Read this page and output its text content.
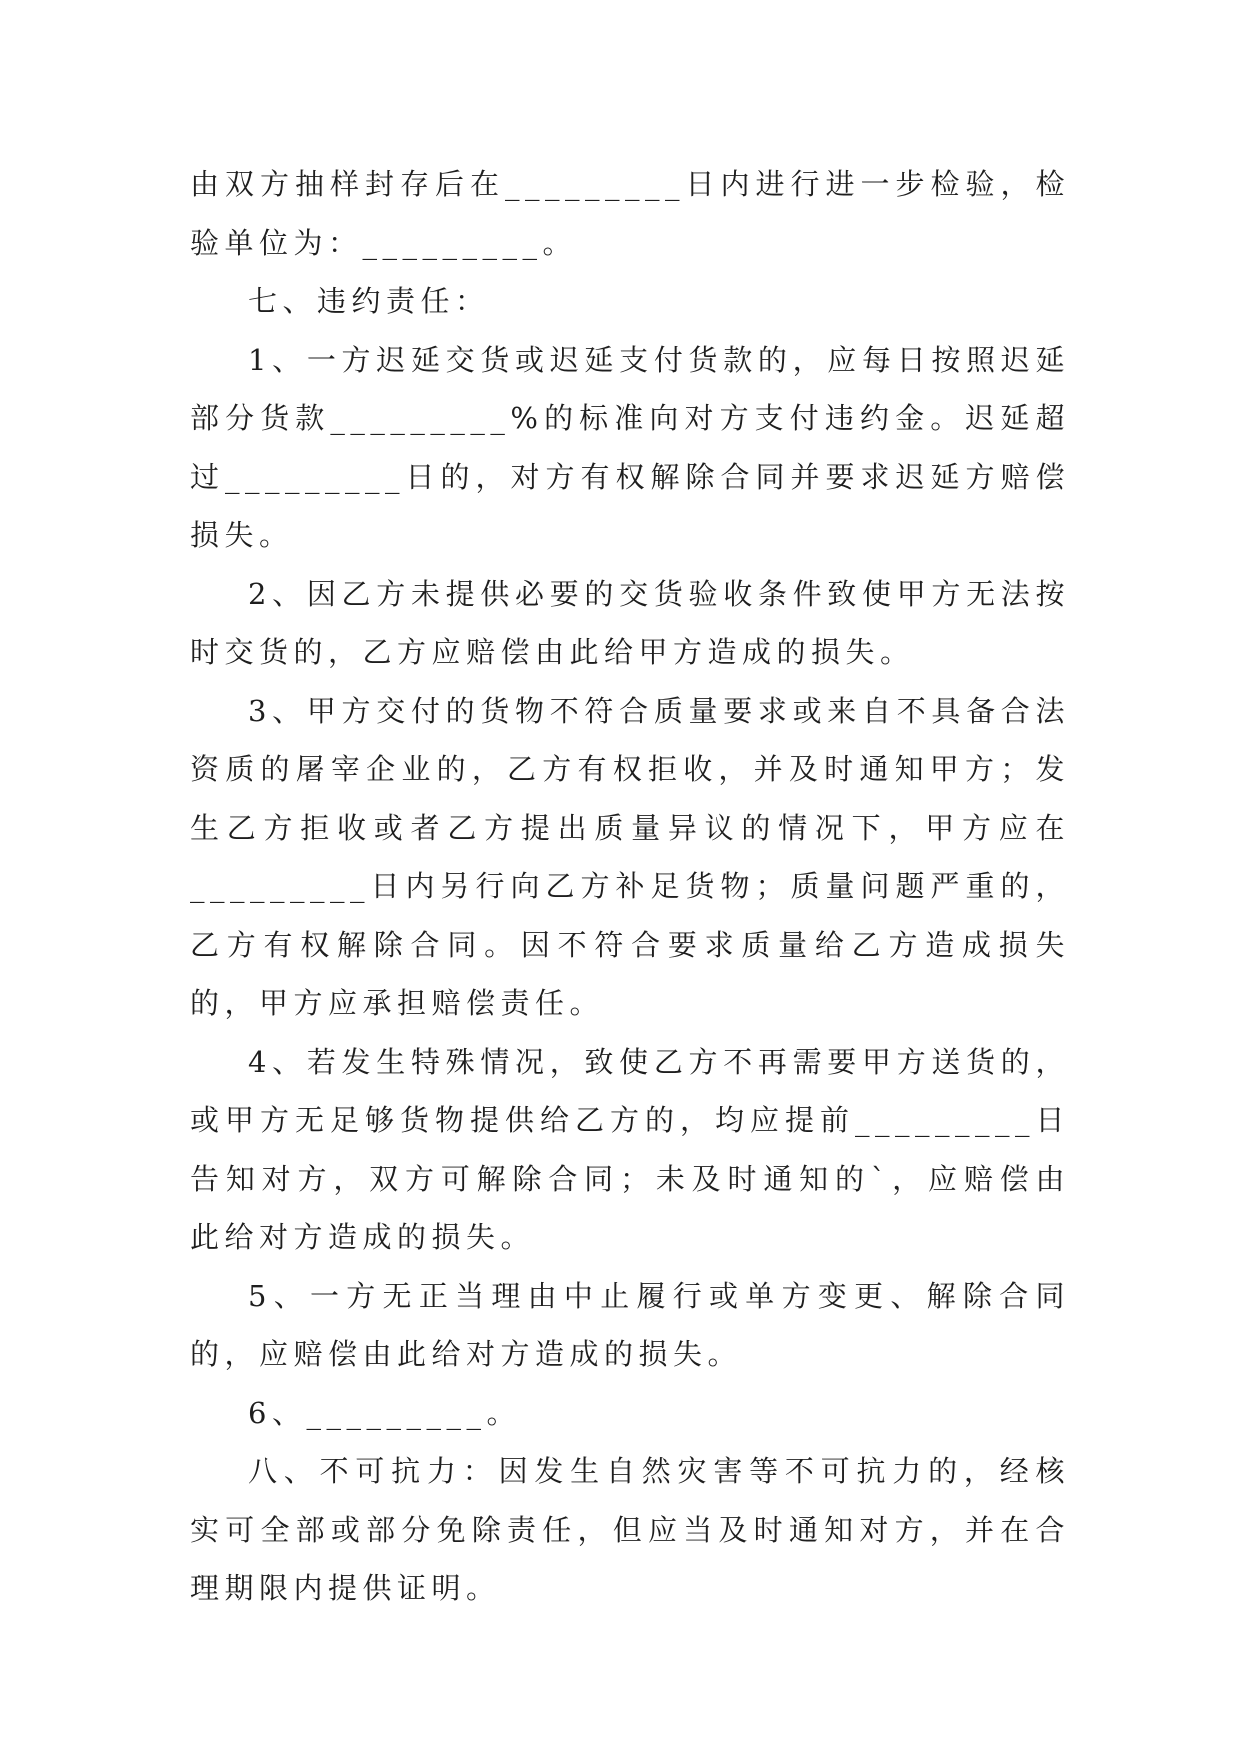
由双方抽样封存后在_________日内进行进一步检验，检验单位为：_________。

七、违约责任：

1、一方迟延交货或迟延支付货款的，应每日按照迟延部分货款_________%的标准向对方支付违约金。迟延超过_________日的，对方有权解除合同并要求迟延方赔偿损失。

2、因乙方未提供必要的交货验收条件致使甲方无法按时交货的，乙方应赔偿由此给甲方造成的损失。

3、甲方交付的货物不符合质量要求或来自不具备合法资质的屠宰企业的，乙方有权拒收，并及时通知甲方；发生乙方拒收或者乙方提出质量异议的情况下，甲方应在_________日内另行向乙方补足货物；质量问题严重的，乙方有权解除合同。因不符合要求质量给乙方造成损失的，甲方应承担赔偿责任。

4、若发生特殊情况，致使乙方不再需要甲方送货的，或甲方无足够货物提供给乙方的，均应提前_________日告知对方，双方可解除合同；未及时通知的`，应赔偿由此给对方造成的损失。

5、一方无正当理由中止履行或单方变更、解除合同的，应赔偿由此给对方造成的损失。

6、_________。

八、不可抗力：因发生自然灾害等不可抗力的，经核实可全部或部分免除责任，但应当及时通知对方，并在合理期限内提供证明。
